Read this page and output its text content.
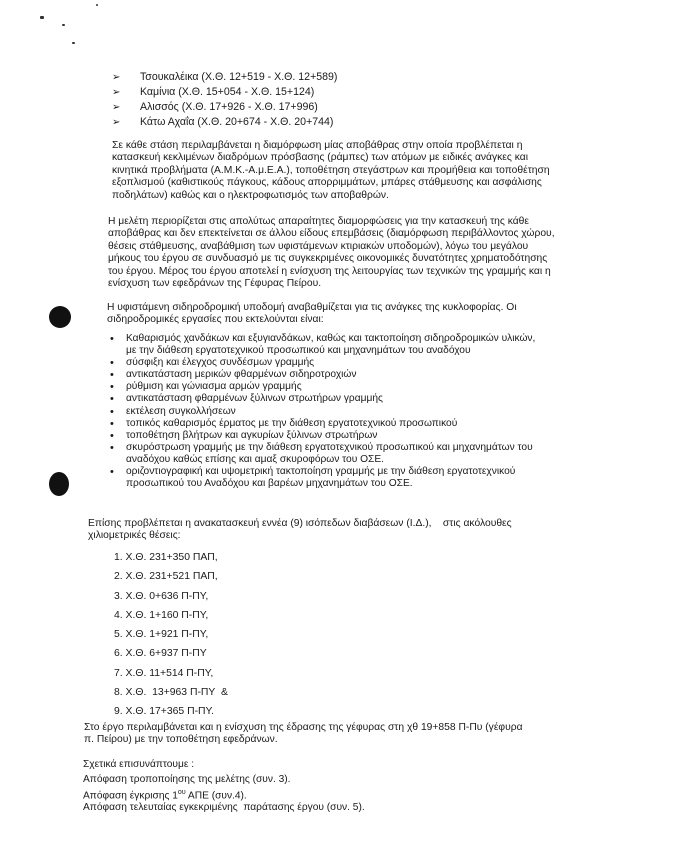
➢	Τσουκαλέικα (Χ.Θ. 12+519 - Χ.Θ. 12+589)
➢	Καμίνια (Χ.Θ. 15+054 - Χ.Θ. 15+124)
➢	Αλισσός (Χ.Θ. 17+926 - Χ.Θ. 17+996)
➢	Κάτω Αχαΐα (Χ.Θ. 20+674 - Χ.Θ. 20+744)

Σε κάθε στάση περιλαμβάνεται η διαμόρφωση μίας αποβάθρας στην οποία προβλέπεται η
κατασκευή κεκλιμένων διαδρόμων πρόσβασης (ράμπες) των ατόμων με ειδικές ανάγκες και
κινητικά προβλήματα (Α.Μ.Κ.-Α.μ.Ε.Α.), τοποθέτηση στεγάστρων και προμήθεια και τοποθέτηση
εξοπλισμού (καθιστικούς πάγκους, κάδους απορριμμάτων, μπάρες στάθμευσης και ασφάλισης
ποδηλάτων) καθώς και ο ηλεκτροφωτισμός των αποβαθρών.

Η μελέτη περιορίζεται στις απολύτως απαραίτητες διαμορφώσεις για την κατασκευή της κάθε
αποβάθρας και δεν επεκτείνεται σε άλλου είδους επεμβάσεις (διαμόρφωση περιβάλλοντος χώρου,
θέσεις στάθμευσης, αναβάθμιση των υφιστάμενων κτιριακών υποδομών), λόγω του μεγάλου
μήκους του έργου σε συνδυασμό με τις συγκεκριμένες οικονομικές δυνατότητες χρηματοδότησης
του έργου. Μέρος του έργου αποτελεί η ενίσχυση της λειτουργίας των τεχνικών της γραμμής και η
ενίσχυση των εφεδράνων της Γέφυρας Πείρου.

Η υφιστάμενη σιδηροδρομική υποδομή αναβαθμίζεται για τις ανάγκες της κυκλοφορίας. Οι
σιδηροδρομικές εργασίες που εκτελούνται είναι:

• Καθαρισμός χανδάκων και εξυγιανδάκων, καθώς και τακτοποίηση σιδηροδρομικών υλικών,
με την διάθεση εργατοτεχνικού προσωπικού και μηχανημάτων του αναδόχου
• σύσφιξη και έλεγχος συνδέσμων γραμμής
• αντικατάσταση μερικών φθαρμένων σιδηροτροχιών
• ρύθμιση και γώνιασμα αρμών γραμμής
• αντικατάσταση φθαρμένων ξύλινων στρωτήρων γραμμής
• εκτέλεση συγκολλήσεων
• τοπικός καθαρισμός έρματος με την διάθεση εργατοτεχνικού προσωπικού
• τοποθέτηση βλήτρων και αγκυρίων ξύλινων στρωτήρων
• σκυρόστρωση γραμμής με την διάθεση εργατοτεχνικού προσωπικού και μηχανημάτων του
αναδόχου καθώς επίσης και αμαξ σκυροφόρων του ΟΣΕ.
• οριζοντιογραφική και υψομετρική τακτοποίηση γραμμής με την διάθεση εργατοτεχνικού
προσωπικού του Αναδόχου και βαρέων μηχανημάτων του ΟΣΕ.

Επίσης προβλέπεται η ανακατασκευή εννέα (9) ισόπεδων διαβάσεων (Ι.Δ.),    στις ακόλουθες
χιλιομετρικές θέσεις:

1. Χ.Θ. 231+350 ΠΑΠ,
2. Χ.Θ. 231+521 ΠΑΠ,
3. Χ.Θ. 0+636 Π-ΠΥ,
4. Χ.Θ. 1+160 Π-ΠΥ,
5. Χ.Θ. 1+921 Π-ΠΥ,
6. Χ.Θ. 6+937 Π-ΠΥ
7. Χ.Θ. 11+514 Π-ΠΥ,
8. Χ.Θ.  13+963 Π-ΠΥ  &
9. Χ.Θ. 17+365 Π-ΠΥ.

Στο έργο περιλαμβάνεται και η ενίσχυση της έδρασης της γέφυρας στη χθ 19+858 Π-Πυ (γέφυρα
π. Πείρου) με την τοποθέτηση εφεδράνων.

Σχετικά επισυνάπτουμε :
Απόφαση τροποποίησης της μελέτης (συν. 3).
Απόφαση έγκρισης $1^{o\upsilon}$ ΑΠΕ (συν.4).
Απόφαση τελευταίας εγκεκριμένης  παράτασης έργου (συν. 5).
